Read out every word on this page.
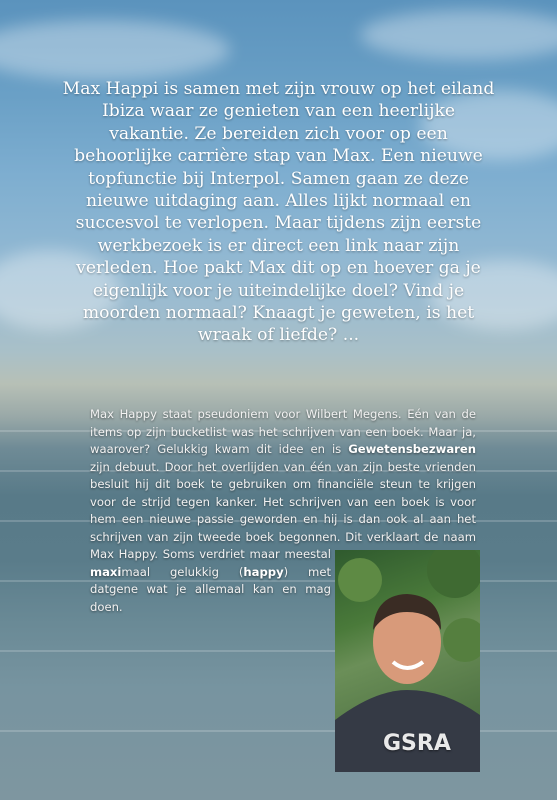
Max Happi is samen met zijn vrouw op het eiland Ibiza waar ze genieten van een heerlijke vakantie. Ze bereiden zich voor op een behoorlijke carrière stap van Max. Een nieuwe topfunctie bij Interpol. Samen gaan ze deze nieuwe uitdaging aan. Alles lijkt normaal en succesvol te verlopen. Maar tijdens zijn eerste werkbezoek is er direct een link naar zijn verleden. Hoe pakt Max dit op en hoever ga je eigenlijk voor je uiteindelijke doel? Vind je moorden normaal? Knaagt je geweten, is het wraak of liefde? ...

Max Happy staat pseudoniem voor Wilbert Megens. Eén van de items op zijn bucketlist was het schrijven van een boek. Maar ja, waarover? Gelukkig kwam dit idee en is Gewetensbezwaren zijn debuut. Door het overlijden van één van zijn beste vrienden besluit hij dit boek te gebruiken om financiële steun te krijgen voor de strijd tegen kanker. Het schrijven van een boek is voor hem een nieuwe passie geworden en hij is dan ook al aan het schrijven van zijn tweede boek begonnen. Dit verklaart de naam Max Happy. Soms verdriet maar meestal
GSRA
maximaal gelukkig (happy) met datgene wat je allemaal kan en mag doen.
